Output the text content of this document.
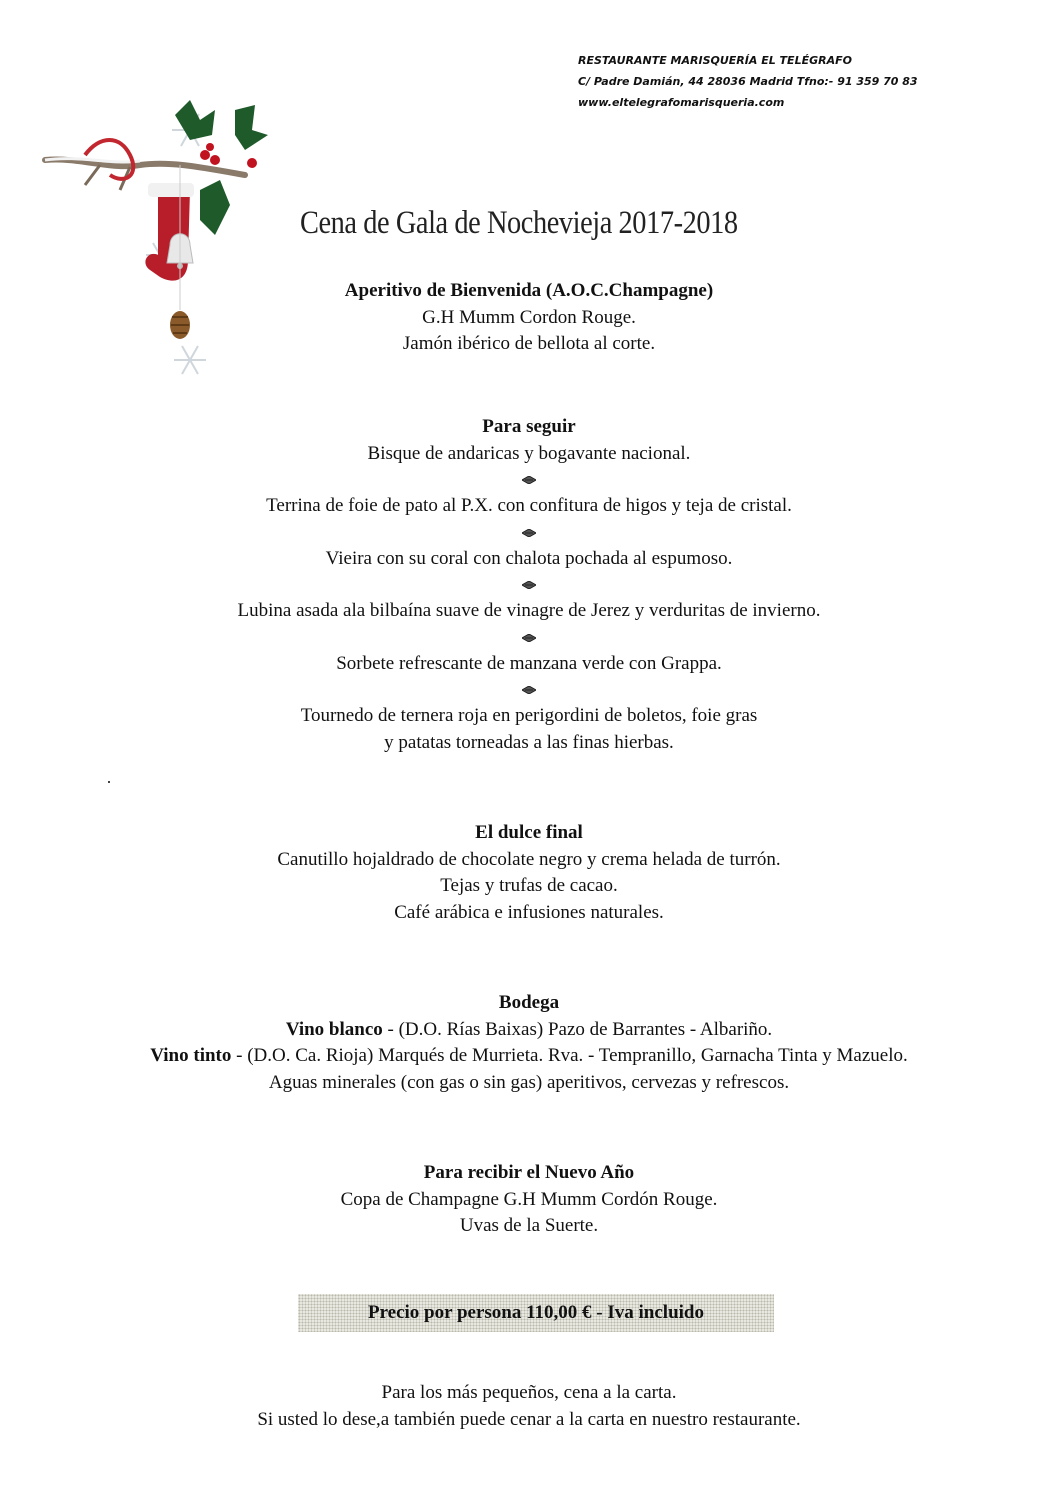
RESTAURANTE MARISQUERÍA EL TELÉGRAFO
C/ Padre Damián, 44 28036 Madrid Tfno:- 91 359 70 83
www.eltelegrafomarisqueria.com
Cena de Gala de Nochevieja 2017-2018
Aperitivo de Bienvenida (A.O.C.Champagne)
G.H Mumm Cordon Rouge.
Jamón ibérico de bellota al corte.
Para seguir
Bisque de andaricas y bogavante nacional.
Terrina de foie de pato al P.X. con confitura de higos y teja de cristal.
Vieira con su coral con chalota pochada al espumoso.
Lubina asada ala bilbaína suave de vinagre de Jerez y verduritas de invierno.
Sorbete refrescante de manzana verde con Grappa.
Tournedo de ternera roja en perigordini de boletos, foie gras
y patatas torneadas a las finas hierbas.
El dulce final
Canutillo hojaldrado de chocolate negro y crema helada de turrón.
Tejas y trufas de cacao.
Café arábica e infusiones naturales.
Bodega
Vino blanco - (D.O. Rías Baixas) Pazo de Barrantes - Albariño.
Vino tinto - (D.O. Ca. Rioja) Marqués de Murrieta. Rva. - Tempranillo, Garnacha Tinta y Mazuelo.
Aguas minerales (con gas o sin gas) aperitivos, cervezas y refrescos.
Para recibir el Nuevo Año
Copa de Champagne G.H Mumm Cordón Rouge.
Uvas de la Suerte.
Precio por persona 110,00 € - Iva incluido
Para los más pequeños, cena a la carta.
Si usted lo dese,a también puede cenar a la carta en nuestro restaurante.
